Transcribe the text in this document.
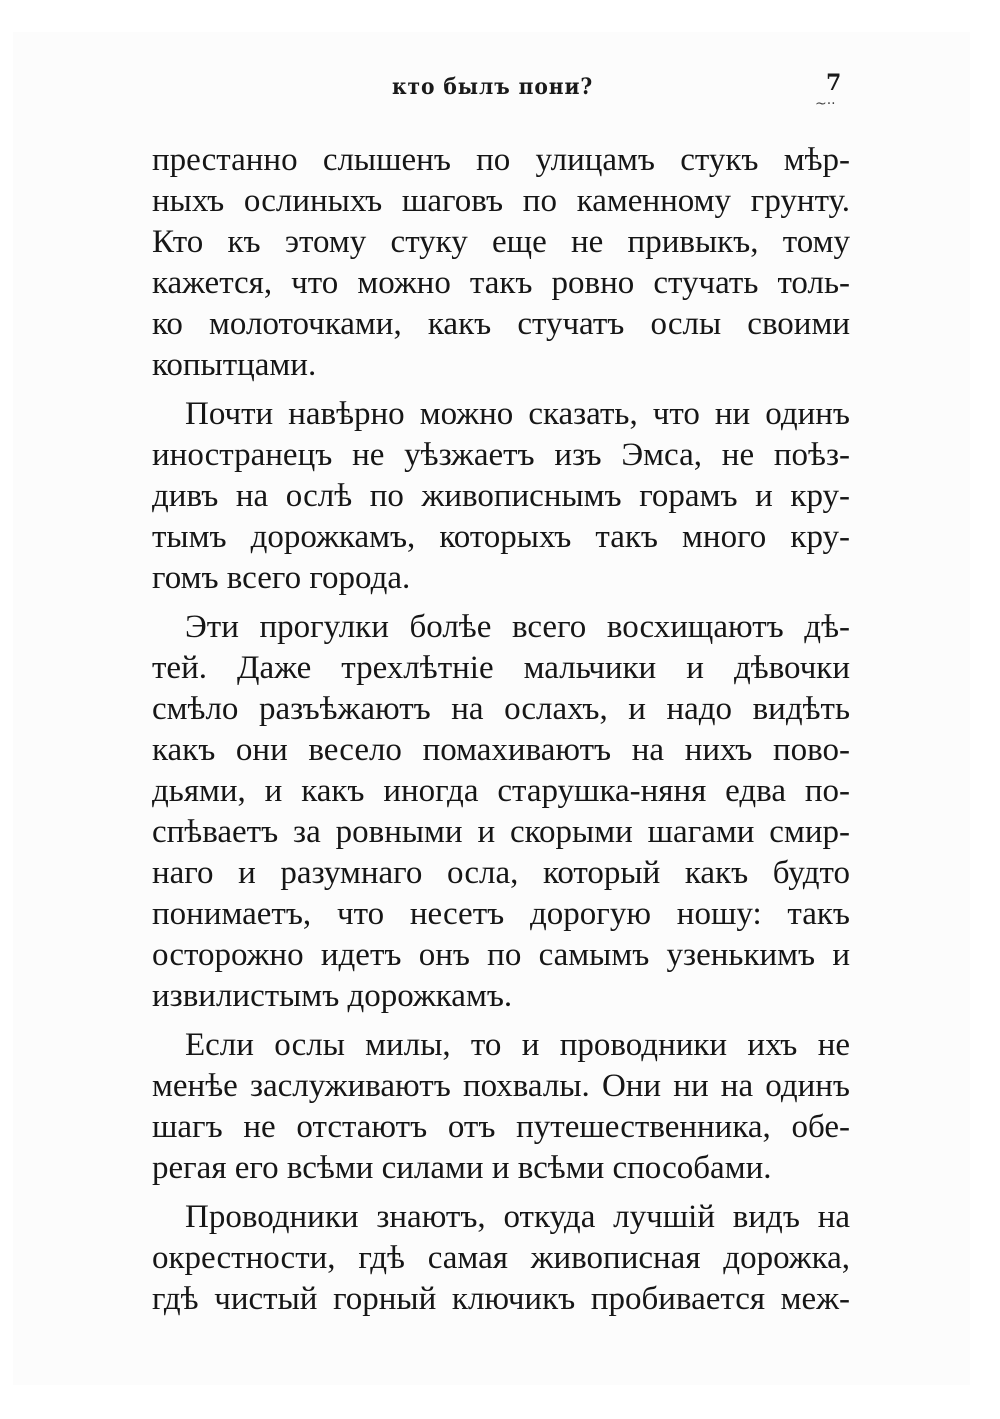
кто былъ пони?	7
~··
престанно слышенъ по улицамъ стукъ мѣр-
ныхъ ослиныхъ шаговъ по каменному грунту.
Кто къ этому стуку еще не привыкъ, тому
кажется, что можно такъ ровно стучать толь-
ко молоточками, какъ стучатъ ослы своими
копытцами.
Почти навѣрно можно сказать, что ни одинъ
иностранецъ не уѣзжаетъ изъ Эмса, не поѣз-
дивъ на ослѣ по живописнымъ горамъ и кру-
тымъ дорожкамъ, которыхъ такъ много кру-
гомъ всего города.
Эти прогулки болѣе всего восхищаютъ дѣ-
тей. Даже трехлѣтнiе мальчики и дѣвочки
смѣло разъѣжаютъ на ослахъ, и надо видѣть
какъ они весело помахиваютъ на нихъ пово-
дьями, и какъ иногда старушка-няня едва по-
спѣваетъ за ровными и скорыми шагами смир-
наго и разумнаго осла, который какъ будто
понимаетъ, что несетъ дорогую ношу: такъ
осторожно идетъ онъ по самымъ узенькимъ и
извилистымъ дорожкамъ.
Если ослы милы, то и проводники ихъ не
менѣе заслуживаютъ похвалы. Они ни на одинъ
шагъ не отстаютъ отъ путешественника, обе-
регая его всѣми силами и всѣми способами.
Проводники знаютъ, откуда лучшiй видъ на
окрестности, гдѣ самая живописная дорожка,
гдѣ чистый горный ключикъ пробивается меж-
